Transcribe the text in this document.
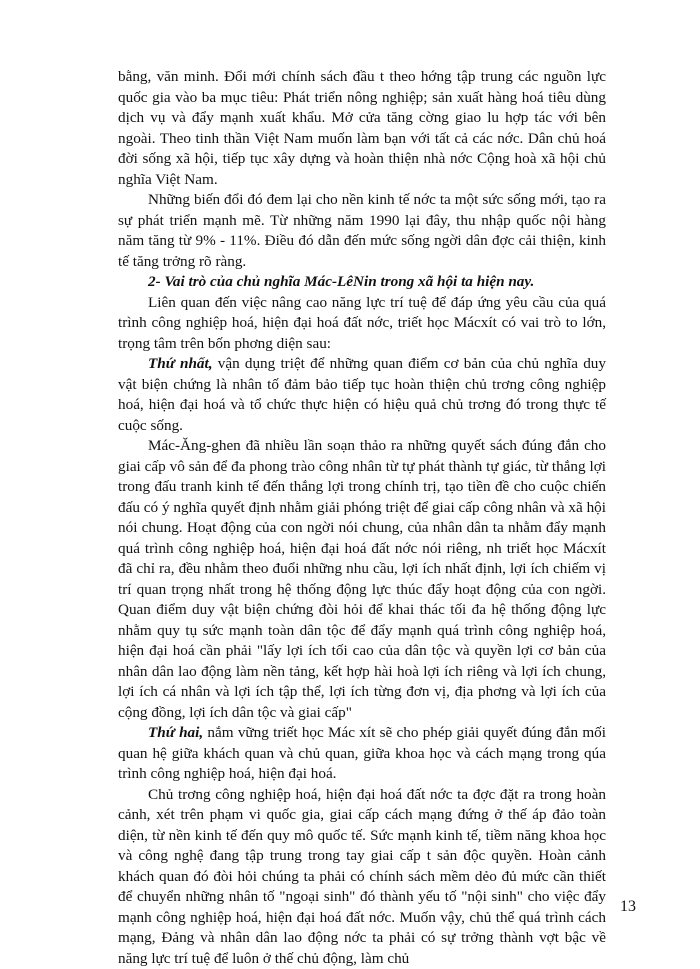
bằng, văn minh. Đổi mới chính sách đầu t theo hớng tập trung các nguồn lực quốc gia vào ba mục tiêu: Phát triển nông nghiệp; sản xuất hàng hoá tiêu dùng dịch vụ và đẩy mạnh xuất khẩu. Mở cửa tăng cờng giao lu hợp tác với bên ngoài. Theo tinh thần Việt Nam muốn làm bạn với tất cả các nớc. Dân chủ hoá đời sống xã hội, tiếp tục xây dựng và hoàn thiện nhà nớc Cộng hoà xã hội chủ nghĩa Việt Nam.

Những biến đổi đó đem lại cho nền kinh tế nớc ta một sức sống mới, tạo ra sự phát triển mạnh mẽ. Từ những năm 1990 lại đây, thu nhập quốc nội hàng năm tăng từ 9% - 11%. Điều đó dẫn đến mức sống ngời dân đợc cải thiện, kinh tế tăng trởng rõ ràng.

2- Vai trò của chủ nghĩa Mác-LêNin trong xã hội ta hiện nay.

Liên quan đến việc nâng cao năng lực trí tuệ để đáp ứng yêu cầu của quá trình công nghiệp hoá, hiện đại hoá đất nớc, triết học Mácxít có vai trò to lớn, trọng tâm trên bốn phơng diện sau:

Thứ nhất, vận dụng triệt để những quan điểm cơ bản của chủ nghĩa duy vật biện chứng là nhân tố đảm bảo tiếp tục hoàn thiện chủ trơng công nghiệp hoá, hiện đại hoá và tổ chức thực hiện có hiệu quả chủ trơng đó trong thực tế cuộc sống.

Mác-Ăng-ghen đã nhiều lần soạn thảo ra những quyết sách đúng đắn cho giai cấp vô sản để đa phong trào công nhân từ tự phát thành tự giác, từ thắng lợi trong đấu tranh kinh tế đến thắng lợi trong chính trị, tạo tiền đề cho cuộc chiến đấu có ý nghĩa quyết định nhằm giải phóng triệt để giai cấp công nhân và xã hội nói chung. Hoạt động của con ngời nói chung, của nhân dân ta nhằm đẩy mạnh quá trình công nghiệp hoá, hiện đại hoá đất nớc nói riêng, nh triết học Mácxít đã chỉ ra, đều nhằm theo đuổi những nhu cầu, lợi ích nhất định, lợi ích chiếm vị trí quan trọng nhất trong hệ thống động lực thúc đẩy hoạt động của con ngời. Quan điểm duy vật biện chứng đòi hỏi để khai thác tối đa hệ thống động lực nhằm quy tụ sức mạnh toàn dân tộc để đẩy mạnh quá trình công nghiệp hoá, hiện đại hoá cần phải "lấy lợi ích tối cao của dân tộc và quyền lợi cơ bản của nhân dân lao động làm nền tảng, kết hợp hài hoà lợi ích riêng và lợi ích chung, lợi ích cá nhân và lợi ích tập thể, lợi ích từng đơn vị, địa phơng và lợi ích của cộng đồng, lợi ích dân tộc và giai cấp"

Thứ hai, nắm vững triết học Mác xít sẽ cho phép giải quyết đúng đắn mối quan hệ giữa khách quan và chủ quan, giữa khoa học và cách mạng trong qúa trình công nghiệp hoá, hiện đại hoá.

Chủ trơng công nghiệp hoá, hiện đại hoá đất nớc ta đợc đặt ra trong hoàn cảnh, xét trên phạm vi quốc gia, giai cấp cách mạng đứng ở thế áp đảo toàn diện, từ nền kinh tế đến quy mô quốc tế. Sức mạnh kinh tế, tiềm năng khoa học và công nghệ đang tập trung trong tay giai cấp t sản độc quyền. Hoàn cảnh khách quan đó đòi hỏi chúng ta phải có chính sách mềm dẻo đủ mức cần thiết để chuyển những nhân tố "ngoại sinh" đó thành yếu tố "nội sinh" cho việc đẩy mạnh công nghiệp hoá, hiện đại hoá đất nớc. Muốn vậy, chủ thể quá trình cách mạng, Đảng và nhân dân lao động nớc ta phải có sự trởng thành vợt bậc về năng lực trí tuệ để luôn ở thế chủ động, làm chủ

13
